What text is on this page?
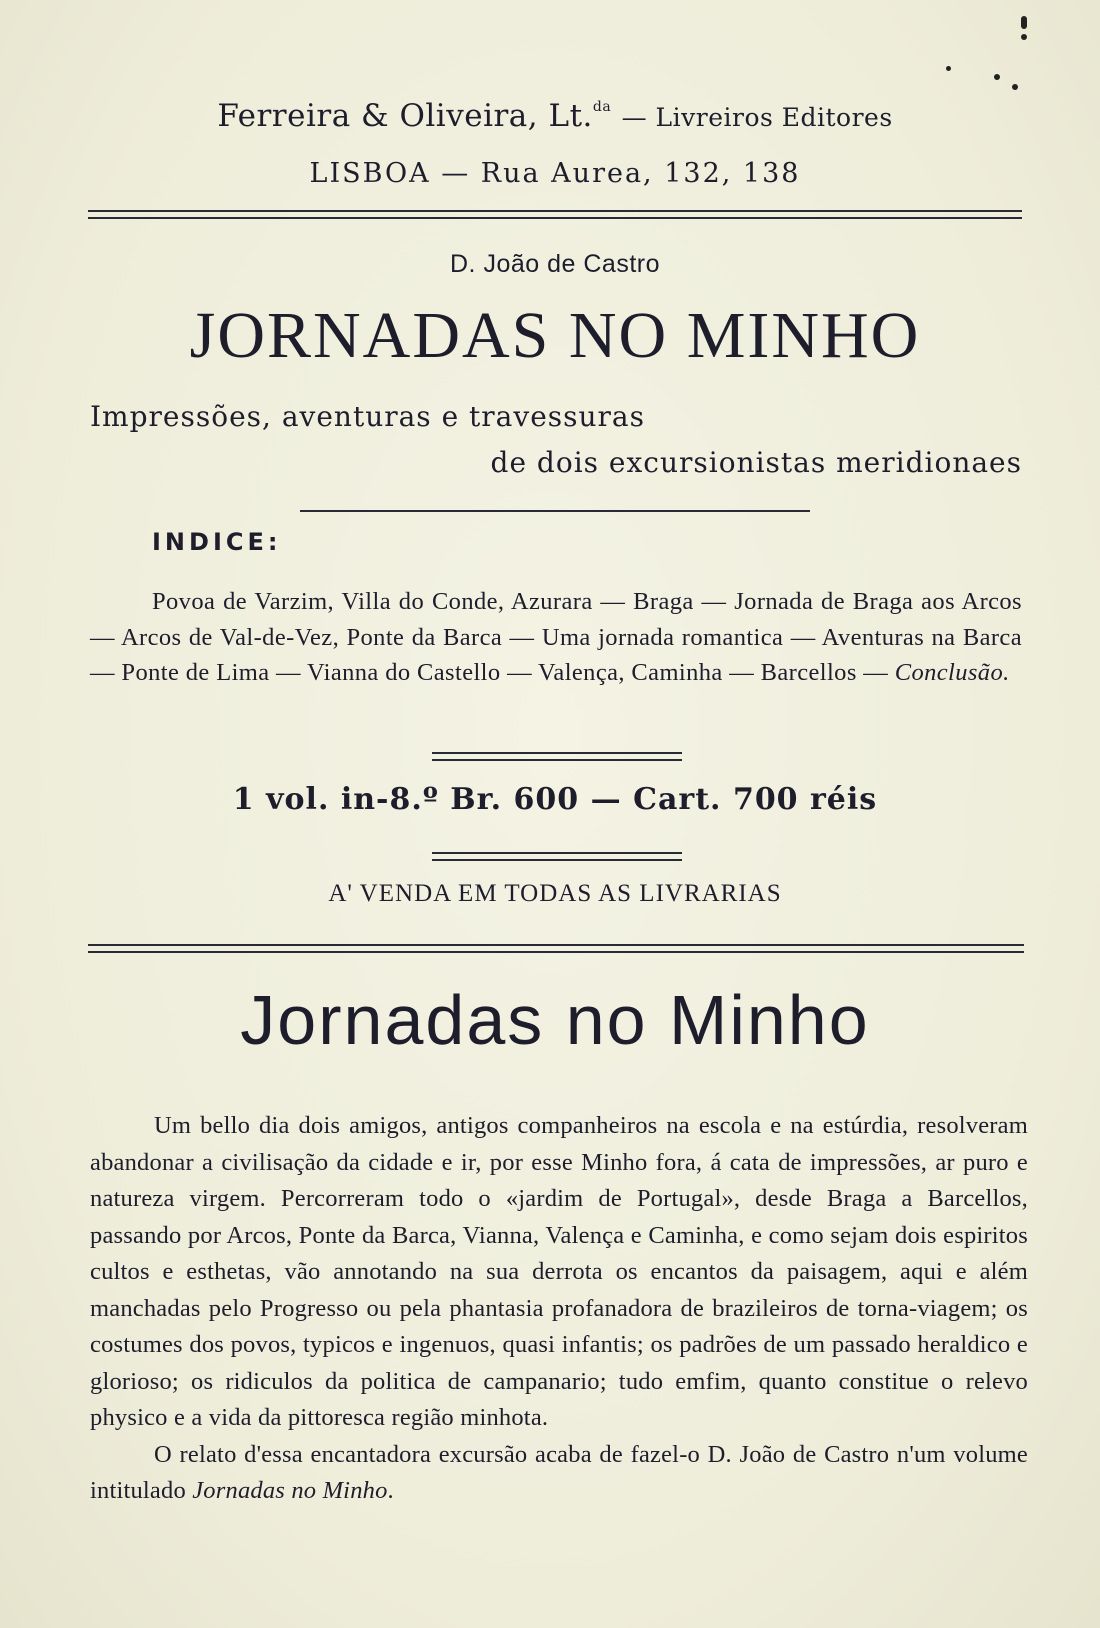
Ferreira & Oliveira, Lt.$^{da}$ — Livreiros Editores
LISBOA — Rua Aurea, 132, 138
D. João de Castro
JORNADAS NO MINHO
Impressões, aventuras e travessuras
de dois excursionistas meridionaes
INDICE:
Povoa de Varzim, Villa do Conde, Azurara — Braga — Jornada de Braga aos Arcos — Arcos de Val-de-Vez, Ponte da Barca — Uma jornada romantica — Aventuras na Barca — Ponte de Lima — Vianna do Castello — Valença, Caminha — Barcellos — Conclusão.
1 vol. in-8.º Br. 600 — Cart. 700 réis
A' VENDA EM TODAS AS LIVRARIAS
Jornadas no Minho

Um bello dia dois amigos, antigos companheiros na escola e na estúrdia, resolveram abandonar a civilisação da cidade e ir, por esse Minho fora, á cata de impressões, ar puro e natureza virgem. Percorreram todo o «jardim de Portugal», desde Braga a Barcellos, passando por Arcos, Ponte da Barca, Vianna, Valença e Caminha, e como sejam dois espiritos cultos e esthetas, vão annotando na sua derrota os encantos da paisagem, aqui e além manchadas pelo Progresso ou pela phantasia profanadora de brazileiros de torna-viagem; os costumes dos povos, typicos e ingenuos, quasi infantis; os padrões de um passado heraldico e glorioso; os ridiculos da politica de campanario; tudo emfim, quanto constitue o relevo physico e a vida da pittoresca região minhota.

O relato d'essa encantadora excursão acaba de fazel-o D. João de Castro n'um volume intitulado Jornadas no Minho.
